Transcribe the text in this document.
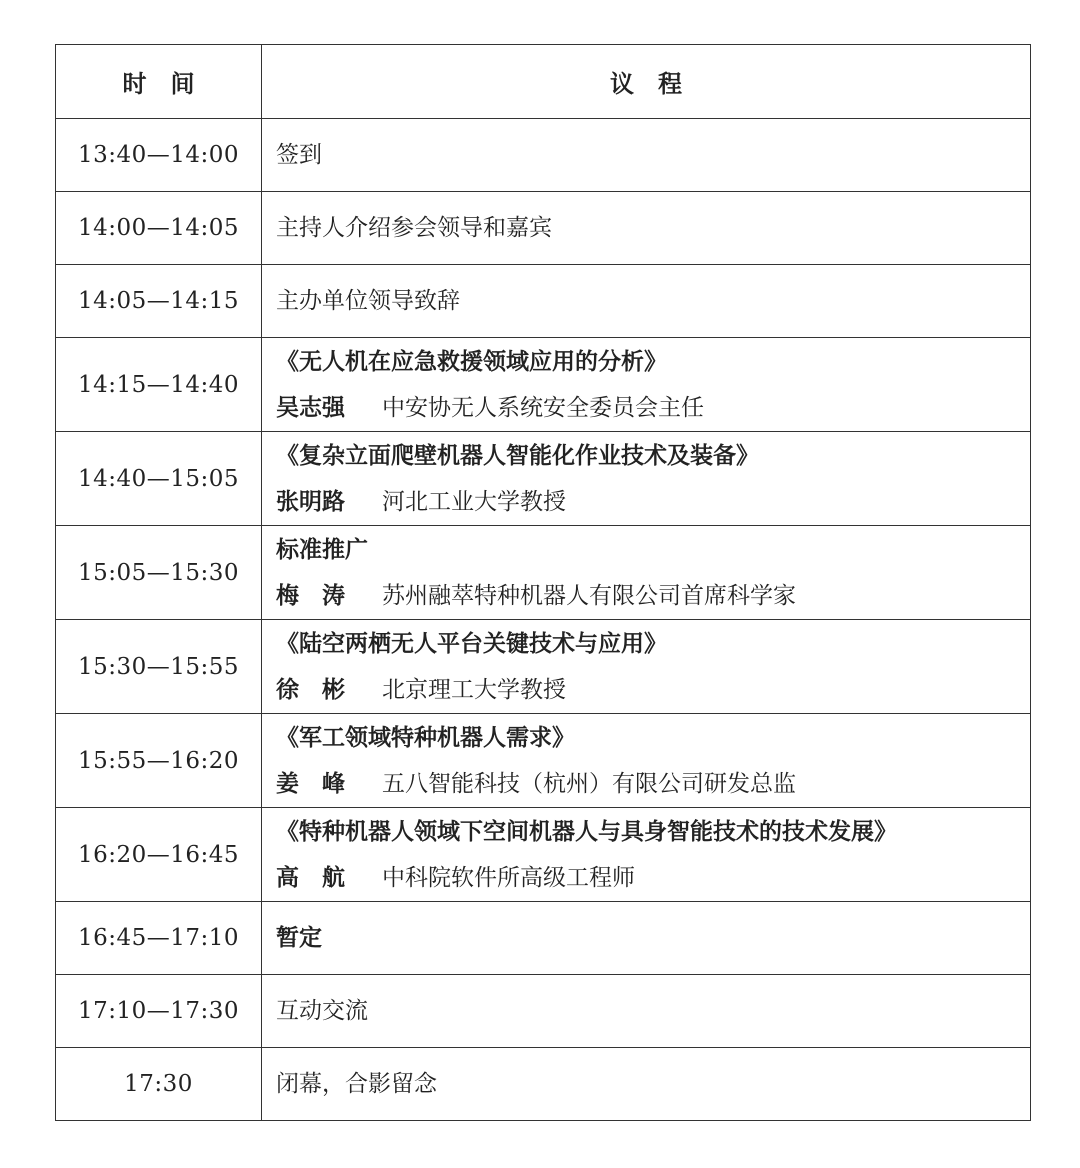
时　间	议　程
13:40—14:00	签到

14:00—14:05	主持人介绍参会领导和嘉宾

14:05—14:15	主办单位领导致辞

14:15—14:40	《无人机在应急救援领域应用的分析》
吴志强 中安协无人系统安全委员会主任

14:40—15:05	《复杂立面爬壁机器人智能化作业技术及装备》
张明路 河北工业大学教授

15:05—15:30	标准推广
梅　涛 苏州融萃特种机器人有限公司首席科学家

15:30—15:55	《陆空两栖无人平台关键技术与应用》
徐　彬 北京理工大学教授

15:55—16:20	《军工领域特种机器人需求》
姜　峰 五八智能科技（杭州）有限公司研发总监

16:20—16:45	《特种机器人领域下空间机器人与具身智能技术的技术发展》
高　航 中科院软件所高级工程师

16:45—17:10	暂定

17:10—17:30	互动交流

17:30	闭幕，合影留念
